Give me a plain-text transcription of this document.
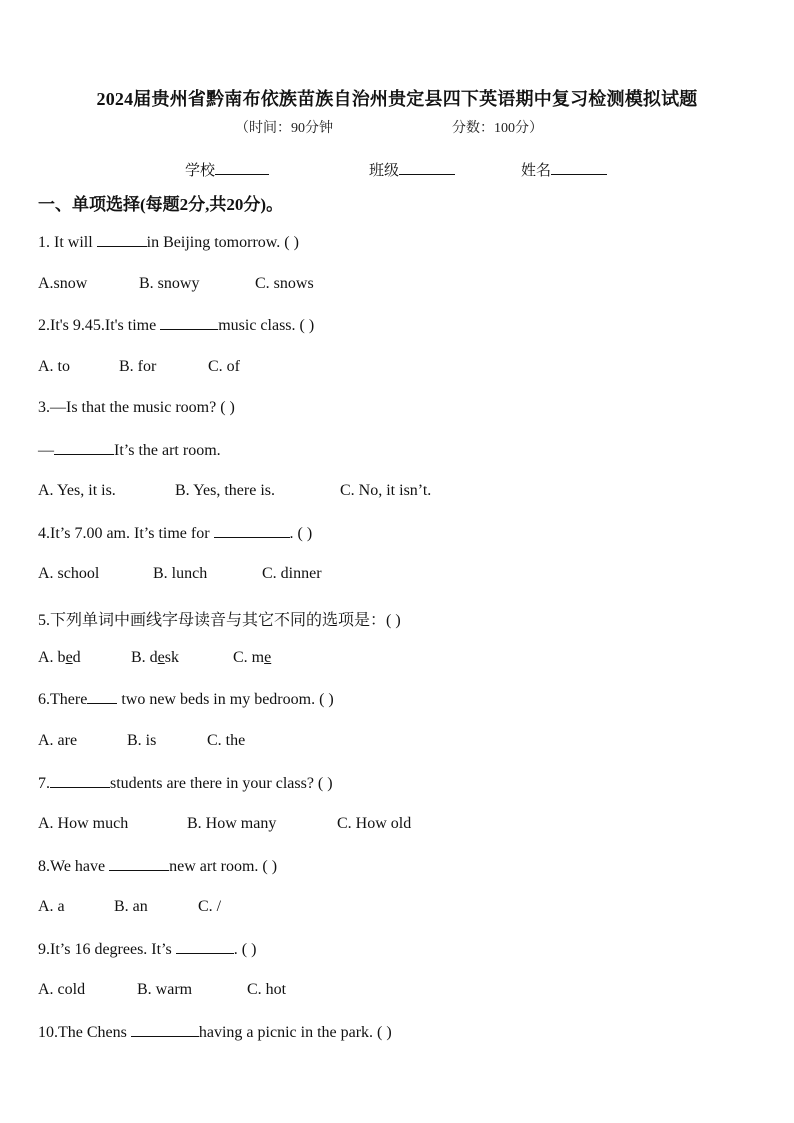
2024届贵州省黔南布依族苗族自治州贵定县四下英语期中复习检测模拟试题
（时间：90分钟	分数：100分）
学校	班级	姓名
一、单项选择(每题2分,共20分)。
1. It will	in Beijing tomorrow. ( )
A.snow	B. snowy	C. snows
2.It's 9.45.It's time	music class. ( )
A. to	B. for	C. of
3.—Is that the music room? ( )
—	It’s the art room.
A. Yes, it is.	B. Yes, there is.	C. No, it isn’t.
4.It’s 7.00 am. It’s time for	. ( )
A. school	B. lunch	C. dinner
5.下列单词中画线字母读音与其它不同的选项是：( )
A. bed	B. desk	C. me
6.There two new beds in my bedroom. ( )
A. are	B. is	C. the
7.	students are there in your class? ( )
A. How much	B. How many	C. How old
8.We have	new art room. ( )
A. a	B. an	C. /
9.It’s 16 degrees. It’s	. ( )
A. cold	B. warm	C. hot
10.The Chens	having a picnic in the park. ( )
